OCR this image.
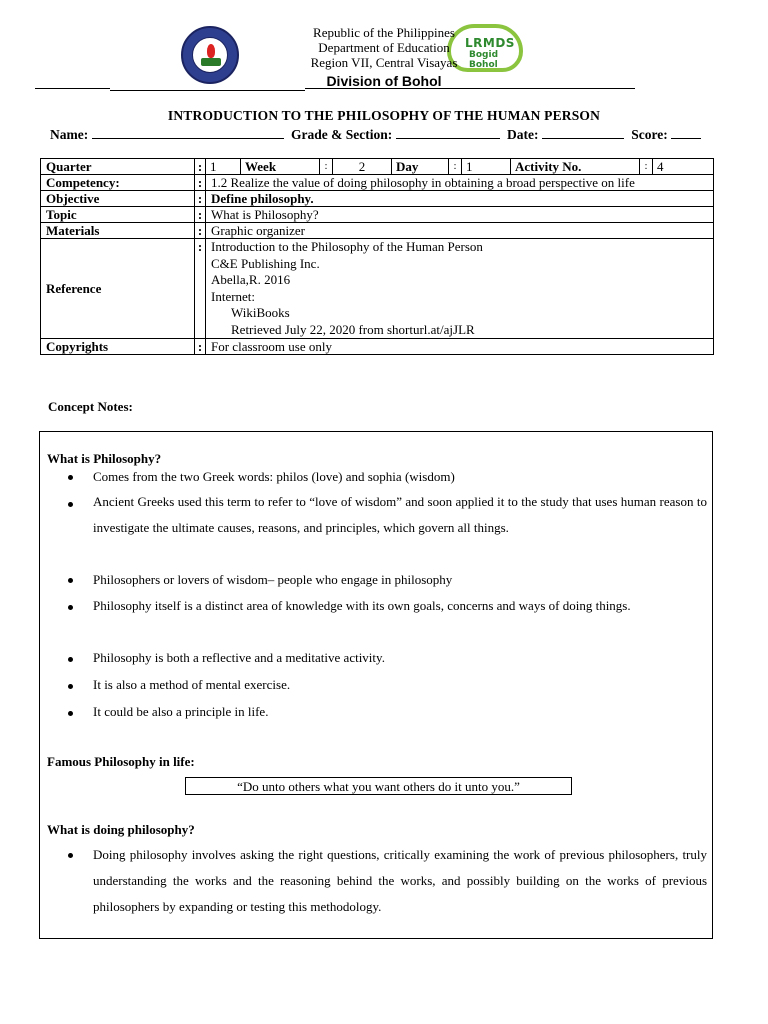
LRMDS
Bogid Bohol
Republic of the Philippines
Department of Education
Region VII, Central Visayas
Division of Bohol
INTRODUCTION TO THE PHILOSOPHY OF THE HUMAN PERSON
Name:	Grade & Section:	Date:	Score:
Quarter	:	1	Week	:	2	Day	:	1	Activity No.	:	4

Competency:	:	1.2 Realize the value of doing philosophy in obtaining a broad perspective on life
Objective	:	Define philosophy.
Topic	:	What is Philosophy?
Materials	:	Graphic organizer
Reference	:	Introduction to the Philosophy of the Human Person
C&E Publishing Inc.
Abella,R. 2016
Internet:
WikiBooks
Retrieved July 22, 2020 from shorturl.at/ajJLR

Copyrights	:	For classroom use only
Concept Notes:
What is Philosophy?
Comes from the two Greek words: philos (love) and sophia (wisdom)
Ancient Greeks used this term to refer to “love of wisdom” and soon applied it to the study that uses human reason to investigate the ultimate causes, reasons, and principles, which govern all things.
Philosophers or lovers of wisdom– people who engage in philosophy
Philosophy itself is a distinct area of knowledge with its own goals, concerns and ways of doing things.
Philosophy is both a reflective and a meditative activity.
It is also a method of mental exercise.
It could be also a principle in life.
Famous Philosophy in life:
“Do unto others what you want others do it unto you.”
What is doing philosophy?
Doing philosophy involves asking the right questions, critically examining the work of previous philosophers, truly understanding the works and the reasoning behind the works, and possibly building on the works of previous philosophers by expanding or testing this methodology.
